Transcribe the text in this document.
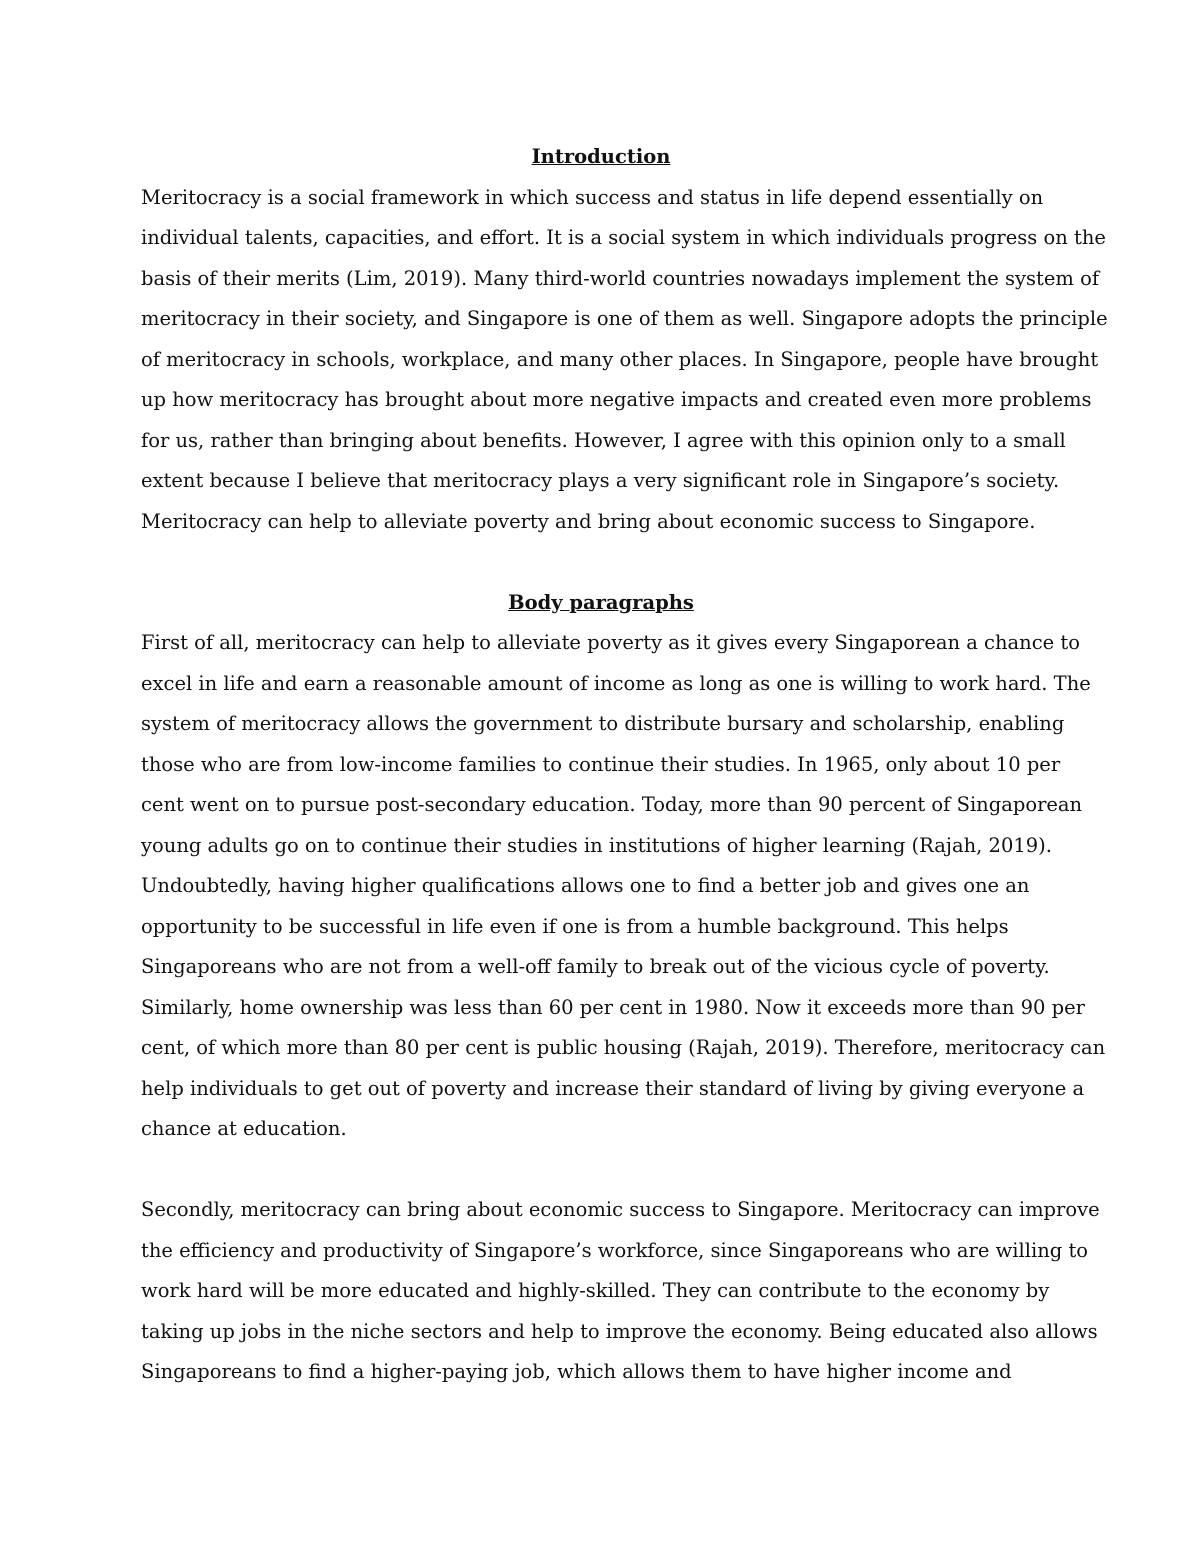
Introduction

Meritocracy is a social framework in which success and status in life depend essentially on
individual talents, capacities, and effort. It is a social system in which individuals progress on the
basis of their merits (Lim, 2019). Many third-world countries nowadays implement the system of
meritocracy in their society, and Singapore is one of them as well. Singapore adopts the principle
of meritocracy in schools, workplace, and many other places. In Singapore, people have brought
up how meritocracy has brought about more negative impacts and created even more problems
for us, rather than bringing about benefits. However, I agree with this opinion only to a small
extent because I believe that meritocracy plays a very significant role in Singapore’s society.
Meritocracy can help to alleviate poverty and bring about economic success to Singapore.

Body paragraphs

First of all, meritocracy can help to alleviate poverty as it gives every Singaporean a chance to
excel in life and earn a reasonable amount of income as long as one is willing to work hard. The
system of meritocracy allows the government to distribute bursary and scholarship, enabling
those who are from low-income families to continue their studies. In 1965, only about 10 per
cent went on to pursue post-secondary education. Today, more than 90 percent of Singaporean
young adults go on to continue their studies in institutions of higher learning (Rajah, 2019).
Undoubtedly, having higher qualifications allows one to find a better job and gives one an
opportunity to be successful in life even if one is from a humble background. This helps
Singaporeans who are not from a well-off family to break out of the vicious cycle of poverty.
Similarly, home ownership was less than 60 per cent in 1980. Now it exceeds more than 90 per
cent, of which more than 80 per cent is public housing (Rajah, 2019). Therefore, meritocracy can
help individuals to get out of poverty and increase their standard of living by giving everyone a
chance at education.

Secondly, meritocracy can bring about economic success to Singapore. Meritocracy can improve
the efficiency and productivity of Singapore’s workforce, since Singaporeans who are willing to
work hard will be more educated and highly-skilled. They can contribute to the economy by
taking up jobs in the niche sectors and help to improve the economy. Being educated also allows
Singaporeans to find a higher-paying job, which allows them to have higher income and
